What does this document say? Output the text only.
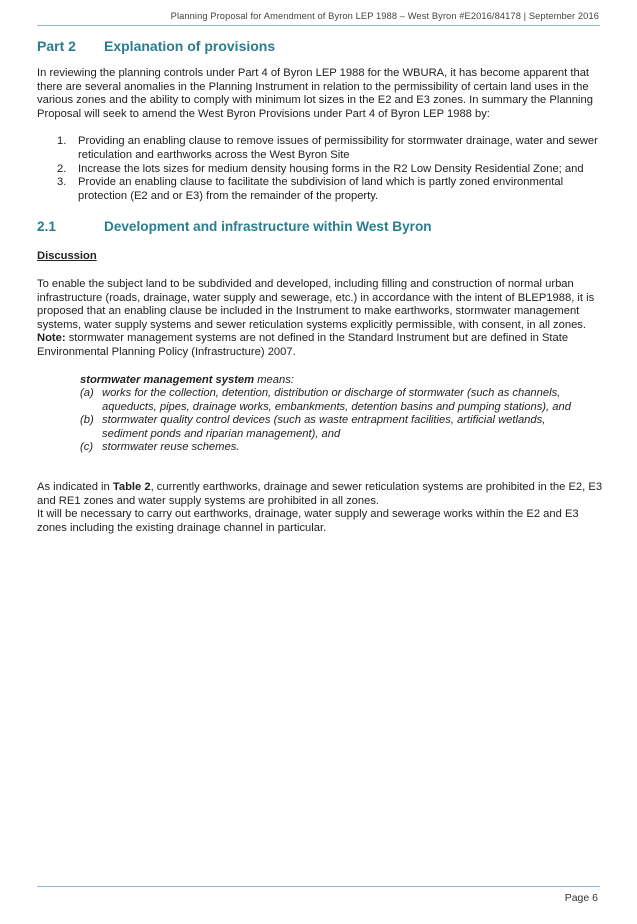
Planning Proposal for Amendment of Byron LEP 1988 – West Byron #E2016/84178 | September 2016
Part 2	Explanation of provisions

In reviewing the planning controls under Part 4 of Byron LEP 1988 for the WBURA, it has become apparent that there are several anomalies in the Planning Instrument in relation to the permissibility of certain land uses in the various zones and the ability to comply with minimum lot sizes in the E2 and E3 zones. In summary the Planning Proposal will seek to amend the West Byron Provisions under Part 4 of Byron LEP 1988 by:

1.	Providing an enabling clause to remove issues of permissibility for stormwater drainage, water and sewer reticulation and earthworks across the West Byron Site
2.	Increase the lots sizes for medium density housing forms in the R2 Low Density Residential Zone; and
3.	Provide an enabling clause to facilitate the subdivision of land which is partly zoned environmental protection (E2 and or E3) from the remainder of the property.
2.1	Development and infrastructure within West Byron

Discussion

To enable the subject land to be subdivided and developed, including filling and construction of normal urban infrastructure (roads, drainage, water supply and sewerage, etc.) in accordance with the intent of BLEP1988, it is proposed that an enabling clause be included in the Instrument to make earthworks, stormwater management systems, water supply systems and sewer reticulation systems explicitly permissible, with consent, in all zones. Note: stormwater management systems are not defined in the Standard Instrument but are defined in State Environmental Planning Policy (Infrastructure) 2007.

stormwater management system means:

(a) works for the collection, detention, distribution or discharge of stormwater (such as channels, aqueducts, pipes, drainage works, embankments, detention basins and pumping stations), and
(b) stormwater quality control devices (such as waste entrapment facilities, artificial wetlands, sediment ponds and riparian management), and
(c) stormwater reuse schemes.

As indicated in Table 2, currently earthworks, drainage and sewer reticulation systems are prohibited in the E2, E3 and RE1 zones and water supply systems are prohibited in all zones.

It will be necessary to carry out earthworks, drainage, water supply and sewerage works within the E2 and E3 zones including the existing drainage channel in particular.

Page 6
